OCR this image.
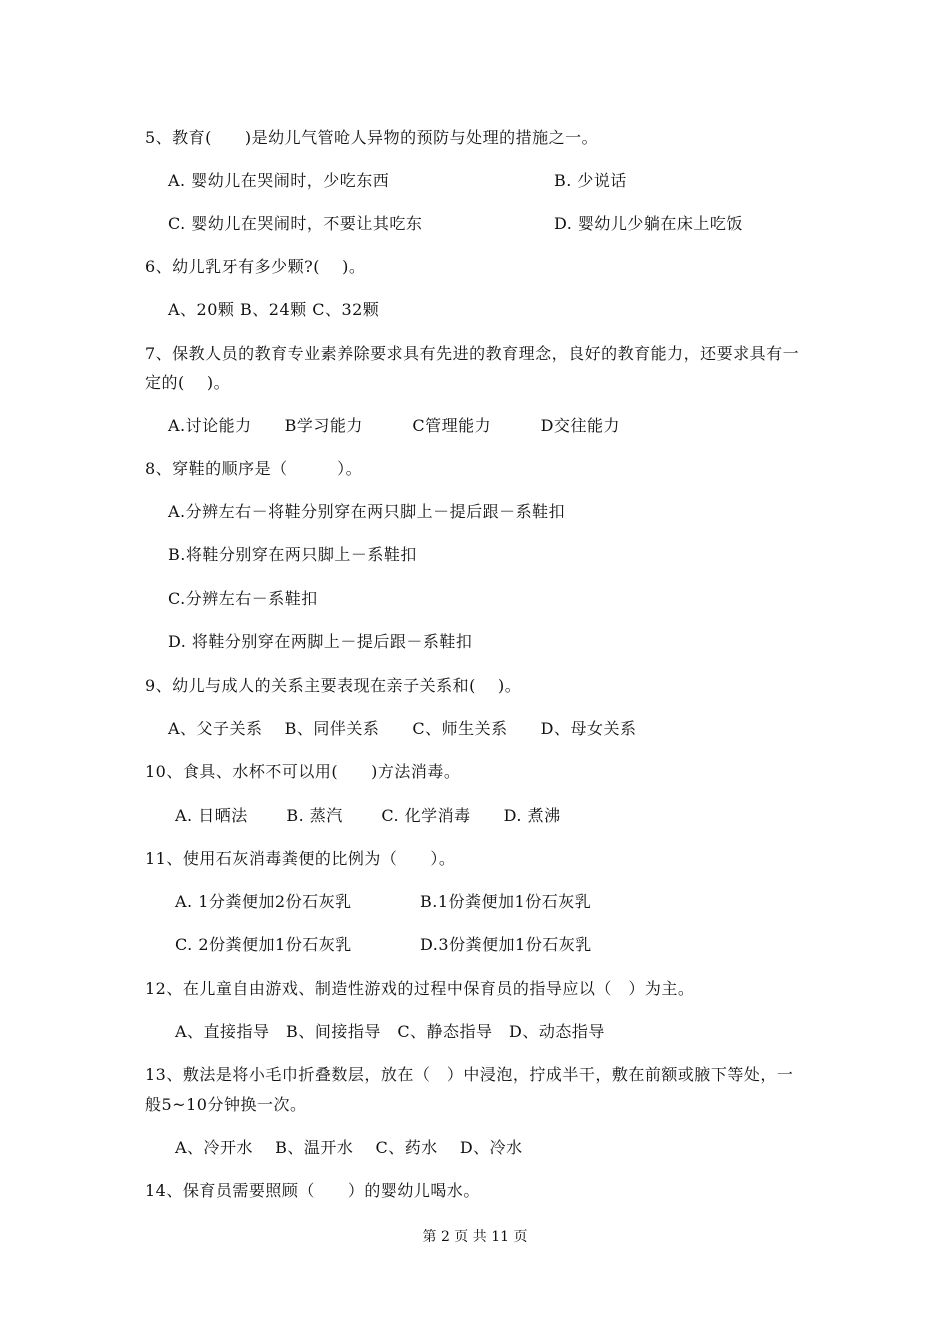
5、教育(　　)是幼儿气管呛人异物的预防与处理的措施之一。
A. 婴幼儿在哭闹时，少吃东西	B. 少说话
C. 婴幼儿在哭闹时，不要让其吃东	D. 婴幼儿少躺在床上吃饭
6、幼儿乳牙有多少颗?(　 )。
A、20颗 B、24颗 C、32颗
7、保教人员的教育专业素养除要求具有先进的教育理念，良好的教育能力，还要求具有一
定的(　 )。
A.讨论能力　　B学习能力　　　C管理能力　　　D交往能力
8、穿鞋的顺序是（　　　）。
A.分辨左右－将鞋分别穿在两只脚上－提后跟－系鞋扣
B.将鞋分别穿在两只脚上－系鞋扣
C.分辨左右－系鞋扣
D. 将鞋分别穿在两脚上－提后跟－系鞋扣
9、幼儿与成人的关系主要表现在亲子关系和(　 )。
A、父子关系　 B、同伴关系　　C、师生关系　　D、母女关系
10、食具、水杯不可以用(　　)方法消毒。
A. 日晒法　　 B. 蒸汽　　 C. 化学消毒　　D. 煮沸
11、使用石灰消毒粪便的比例为（　　）。
A. 1分粪便加2份石灰乳	B.1份粪便加1份石灰乳
C. 2份粪便加1份石灰乳	D.3份粪便加1份石灰乳
12、在儿童自由游戏、制造性游戏的过程中保育员的指导应以（　）为主。
A、直接指导　B、间接指导　C、静态指导　D、动态指导
13、敷法是将小毛巾折叠数层，放在（　）中浸泡，拧成半干，敷在前额或腋下等处，一
般5~10分钟换一次。
A、冷开水　 B、温开水　 C、药水　 D、冷水
14、保育员需要照顾（　　）的婴幼儿喝水。
第 2 页 共 11 页
